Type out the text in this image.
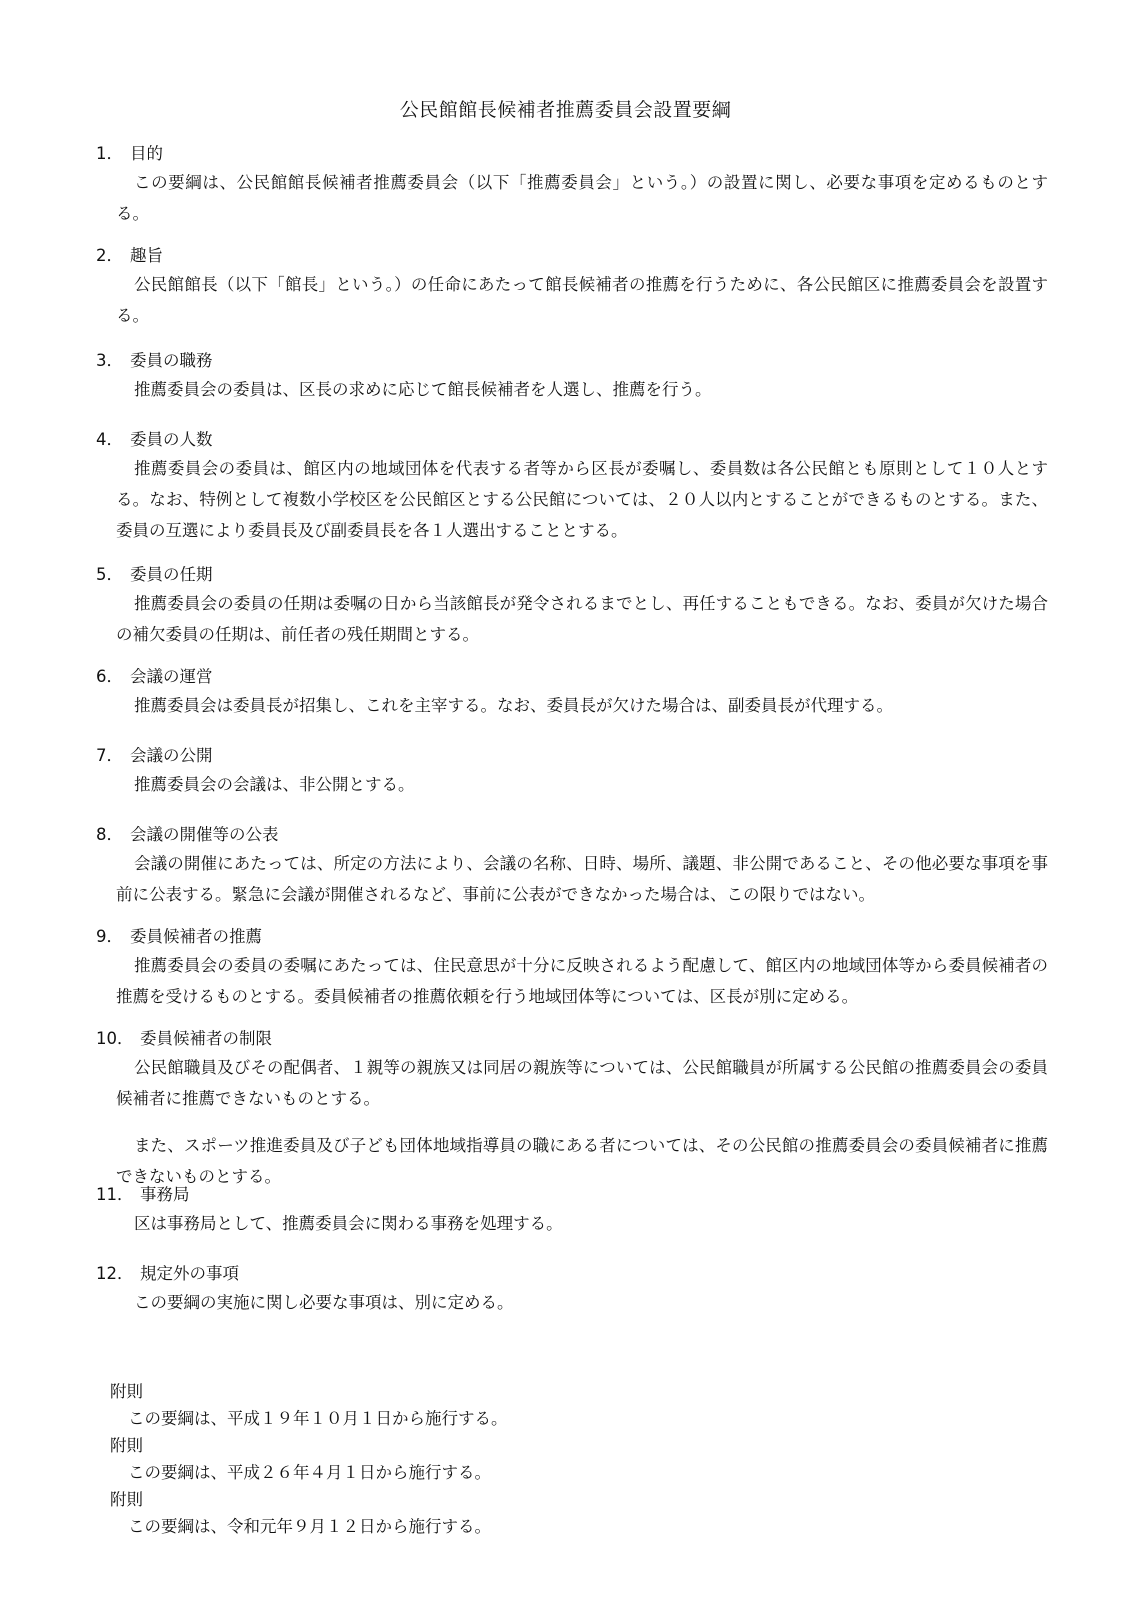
公民館館長候補者推薦委員会設置要綱
1． 目的
この要綱は、公民館館長候補者推薦委員会（以下「推薦委員会」という。）の設置に関し、必要な事項を定めるものとする。
2． 趣旨
公民館館長（以下「館長」という。）の任命にあたって館長候補者の推薦を行うために、各公民館区に推薦委員会を設置する。
3． 委員の職務
推薦委員会の委員は、区長の求めに応じて館長候補者を人選し、推薦を行う。
4． 委員の人数
推薦委員会の委員は、館区内の地域団体を代表する者等から区長が委嘱し、委員数は各公民館とも原則として１０人とする。なお、特例として複数小学校区を公民館区とする公民館については、２０人以内とすることができるものとする。また、委員の互選により委員長及び副委員長を各１人選出することとする。
5． 委員の任期
推薦委員会の委員の任期は委嘱の日から当該館長が発令されるまでとし、再任することもできる。なお、委員が欠けた場合の補欠委員の任期は、前任者の残任期間とする。
6． 会議の運営
推薦委員会は委員長が招集し、これを主宰する。なお、委員長が欠けた場合は、副委員長が代理する。
7． 会議の公開
推薦委員会の会議は、非公開とする。
8． 会議の開催等の公表
会議の開催にあたっては、所定の方法により、会議の名称、日時、場所、議題、非公開であること、その他必要な事項を事前に公表する。緊急に会議が開催されるなど、事前に公表ができなかった場合は、この限りではない。
9． 委員候補者の推薦
推薦委員会の委員の委嘱にあたっては、住民意思が十分に反映されるよう配慮して、館区内の地域団体等から委員候補者の推薦を受けるものとする。委員候補者の推薦依頼を行う地域団体等については、区長が別に定める。
10． 委員候補者の制限
公民館職員及びその配偶者、１親等の親族又は同居の親族等については、公民館職員が所属する公民館の推薦委員会の委員候補者に推薦できないものとする。
また、スポーツ推進委員及び子ども団体地域指導員の職にある者については、その公民館の推薦委員会の委員候補者に推薦できないものとする。
11． 事務局
区は事務局として、推薦委員会に関わる事務を処理する。
12． 規定外の事項
この要綱の実施に関し必要な事項は、別に定める。
附則
この要綱は、平成１９年１０月１日から施行する。
附則
この要綱は、平成２６年４月１日から施行する。
附則
この要綱は、令和元年９月１２日から施行する。
